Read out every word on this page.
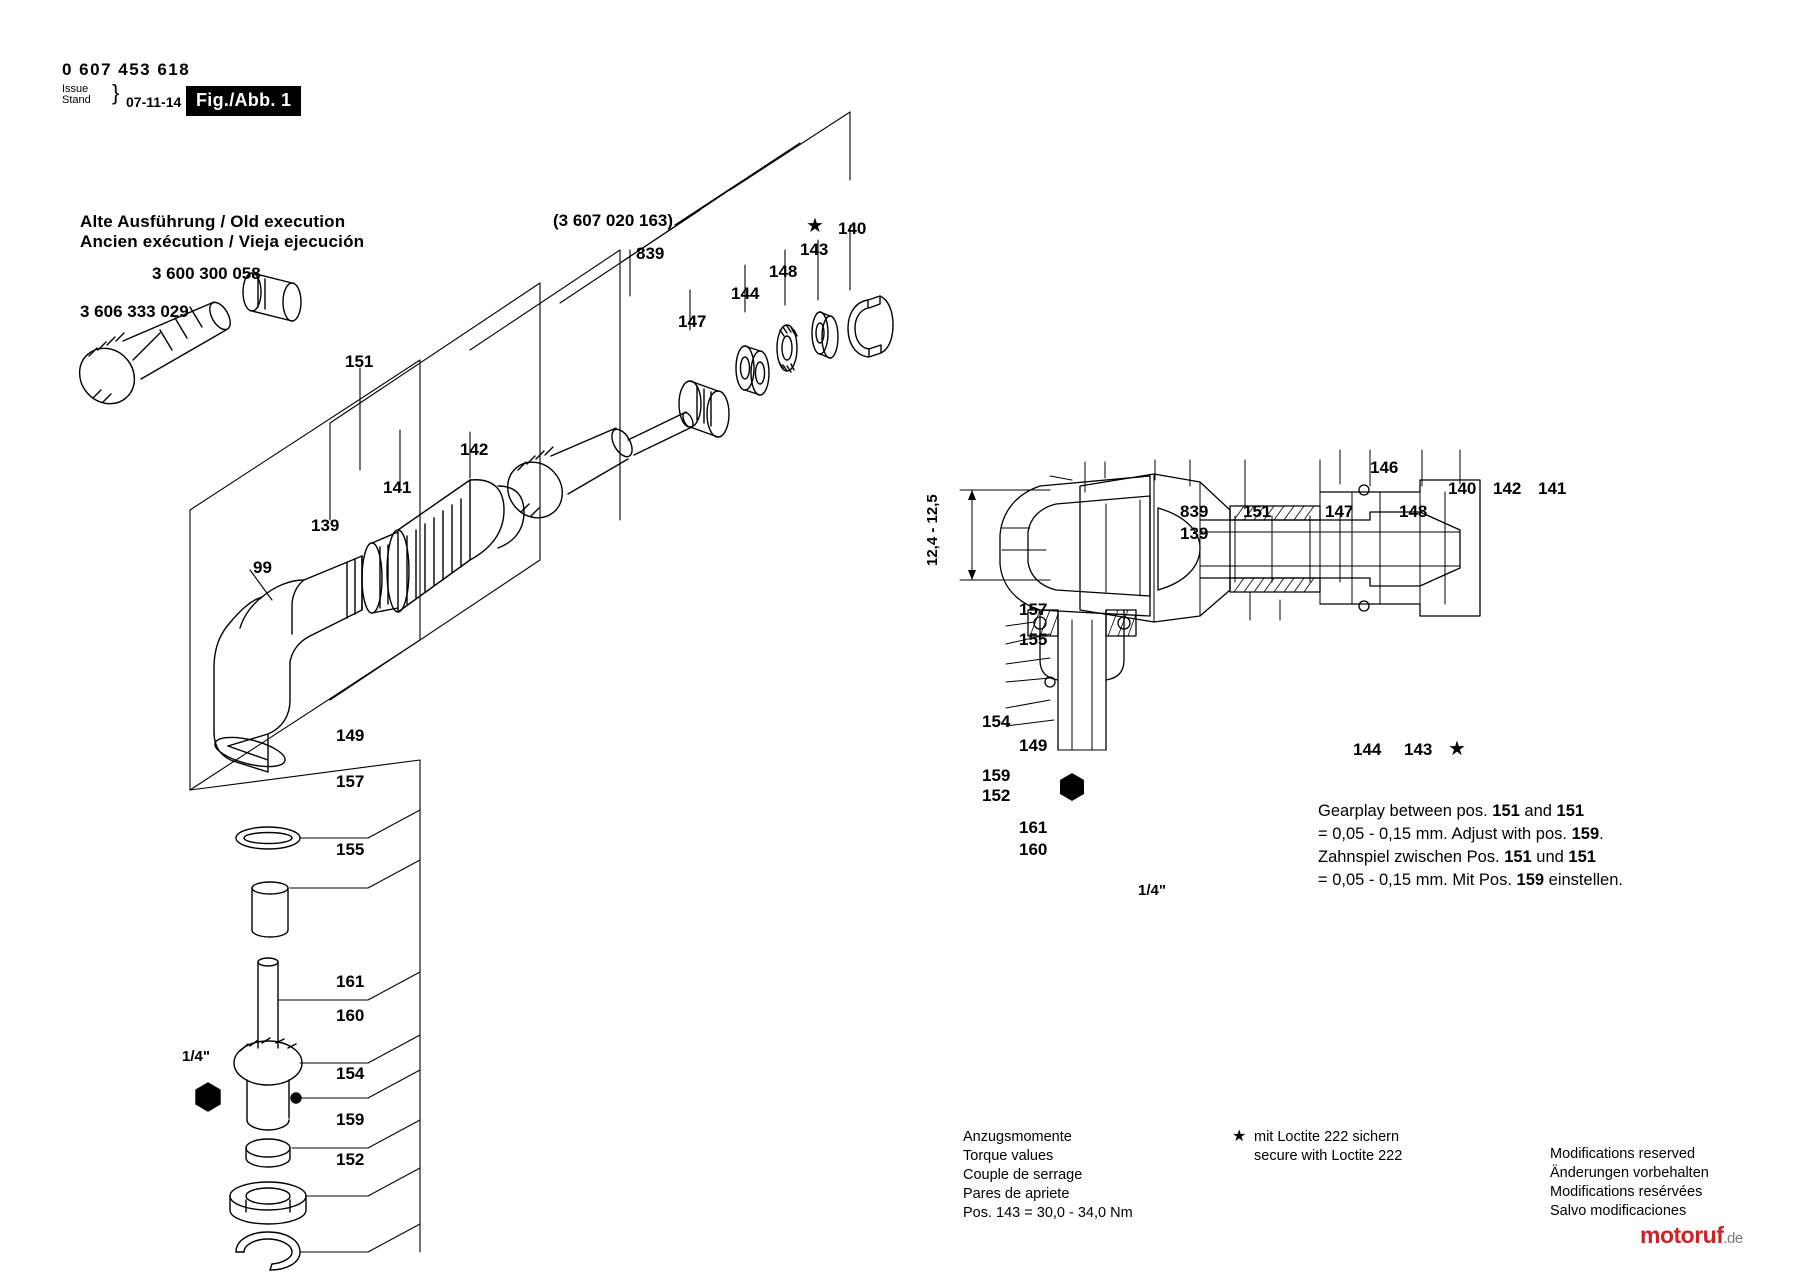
0 607 453 618
Issue
Stand } 07-11-14 Fig./Abb. 1
Alte Ausführung / Old execution
Ancien exécution / Vieja ejecución
3 600 300 058
3 606 333 029
(3 607 020 163)
839
147
144
148
143
140
★
151
142
141
139
99
149
157
155
161
160
154
159
152
1/4"
839
139
151	147
146
148
140 142 141
157
155
154
149
159
152
161
160
144 143 ★
12,4 - 12,5
1/4"
Gearplay between pos. 151 and 151
= 0,05 - 0,15 mm. Adjust with pos. 159.
Zahnspiel zwischen Pos. 151 und 151
= 0,05 - 0,15 mm. Mit Pos. 159 einstellen.
Anzugsmomente
Torque values
Couple de serrage
Pares de apriete
Pos. 143 = 30,0 - 34,0 Nm
★ mit Loctite 222 sichern
secure with Loctite 222	Modifications reserved
Änderungen vorbehalten
Modifications resérvées
Salvo modificaciones
motoruf.de
